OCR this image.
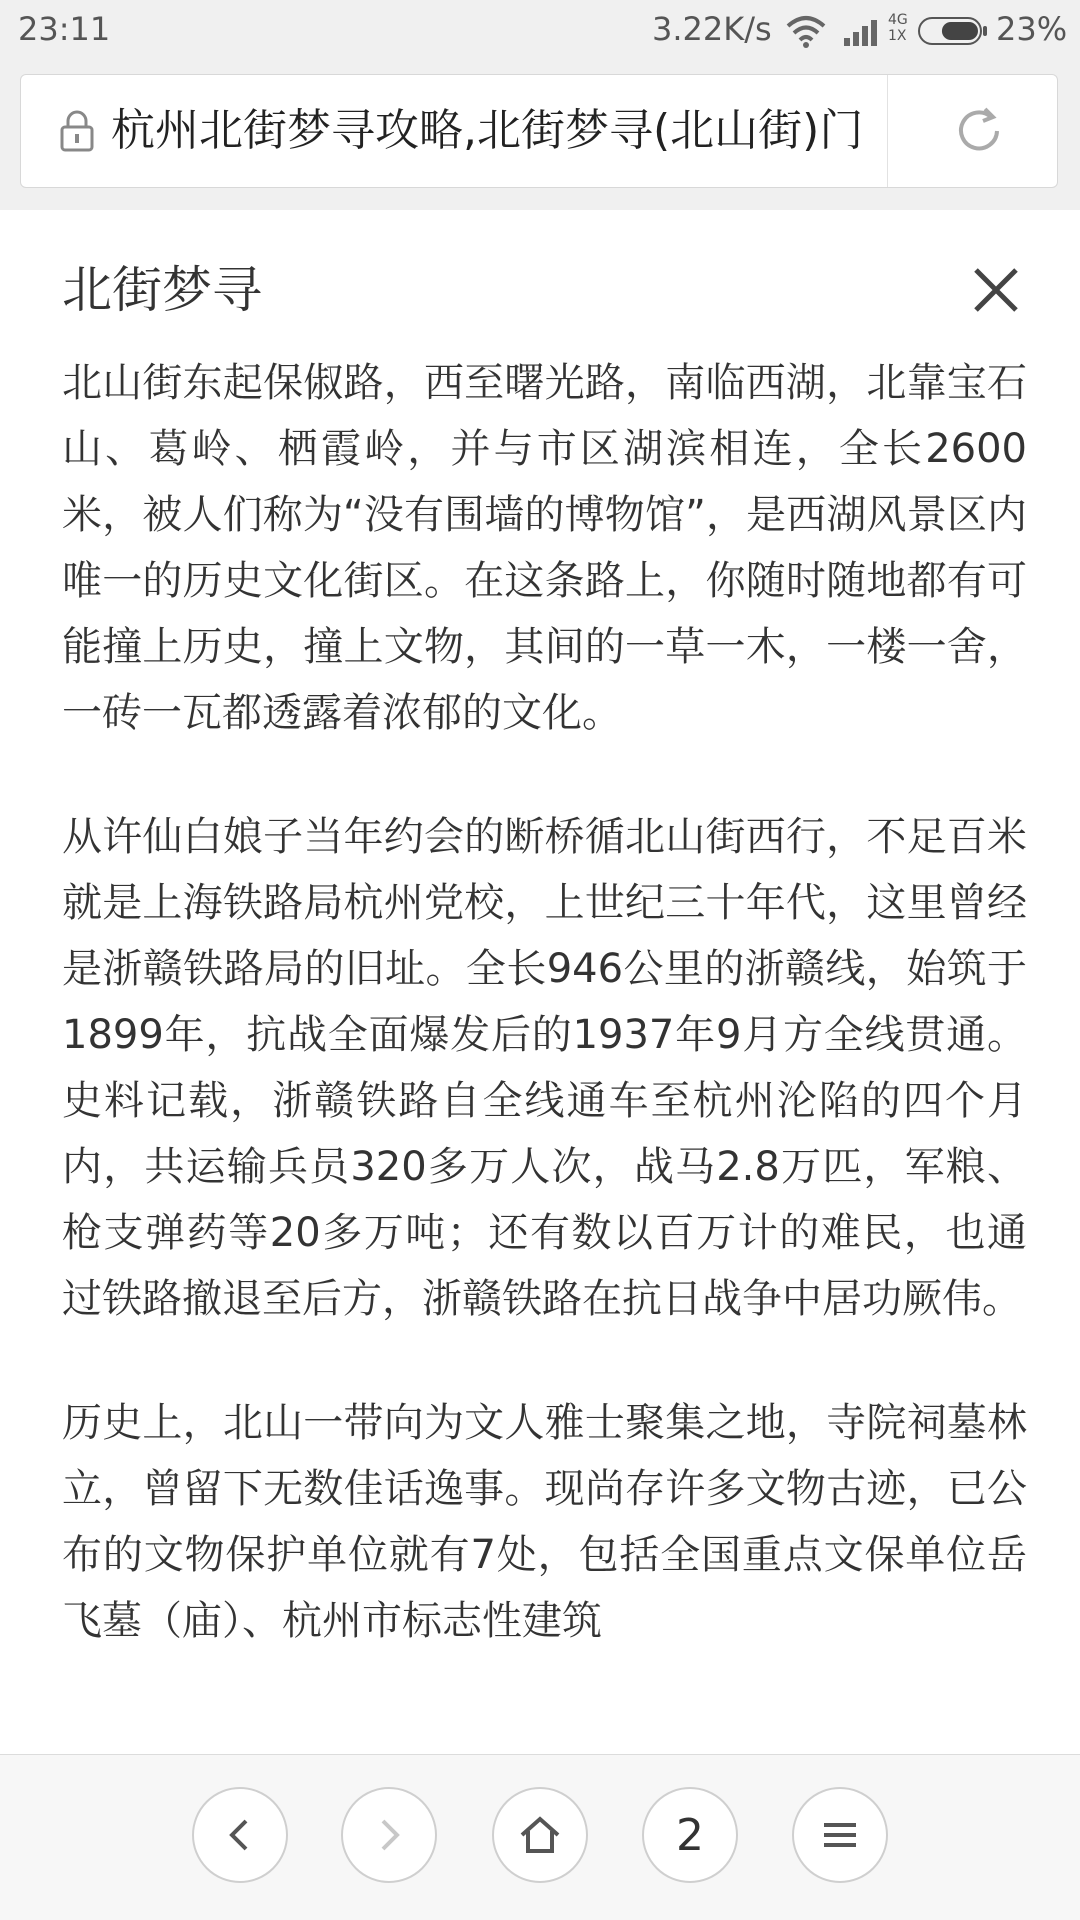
23:11	3.22K/s	4G
1X	23%
杭州北街梦寻攻略,北街梦寻(北山街)门
北街梦寻

北山街东起保俶路，西至曙光路，南临西湖，北靠宝石山、葛岭、栖霞岭，并与市区湖滨相连，全长2600米，被人们称为“没有围墙的博物馆”，是西湖风景区内唯一的历史文化街区。在这条路上，你随时随地都有可能撞上历史，撞上文物，其间的一草一木，一楼一舍，一砖一瓦都透露着浓郁的文化。

从许仙白娘子当年约会的断桥循北山街西行，不足百米就是上海铁路局杭州党校，上世纪三十年代，这里曾经是浙赣铁路局的旧址。全长946公里的浙赣线，始筑于1899年，抗战全面爆发后的1937年9月方全线贯通。史料记载，浙赣铁路自全线通车至杭州沦陷的四个月内，共运输兵员320多万人次，战马2.8万匹，军粮、枪支弹药等20多万吨；还有数以百万计的难民，也通过铁路撤退至后方，浙赣铁路在抗日战争中居功厥伟。

历史上，北山一带向为文人雅士聚集之地，寺院祠墓林立，曾留下无数佳话逸事。现尚存许多文物古迹，已公布的文物保护单位就有7处，包括全国重点文保单位岳飞墓（庙）、杭州市标志性建筑

2
